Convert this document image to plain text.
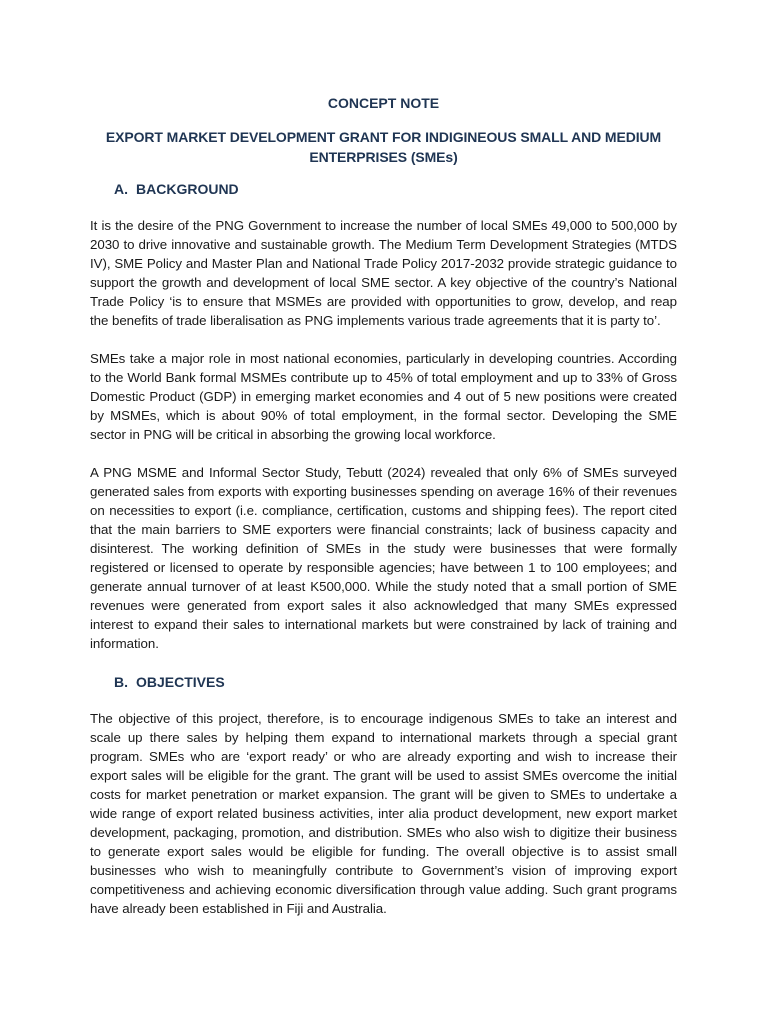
CONCEPT NOTE
EXPORT MARKET DEVELOPMENT GRANT FOR INDIGINEOUS SMALL AND MEDIUM ENTERPRISES (SMEs)
A. BACKGROUND

It is the desire of the PNG Government to increase the number of local SMEs 49,000 to 500,000 by 2030 to drive innovative and sustainable growth. The Medium Term Development Strategies (MTDS IV), SME Policy and Master Plan and National Trade Policy 2017-2032 provide strategic guidance to support the growth and development of local SME sector. A key objective of the country’s National Trade Policy ‘is to ensure that MSMEs are provided with opportunities to grow, develop, and reap the benefits of trade liberalisation as PNG implements various trade agreements that it is party to’.

SMEs take a major role in most national economies, particularly in developing countries. According to the World Bank formal MSMEs contribute up to 45% of total employment and up to 33% of Gross Domestic Product (GDP) in emerging market economies and 4 out of 5 new positions were created by MSMEs, which is about 90% of total employment, in the formal sector. Developing the SME sector in PNG will be critical in absorbing the growing local workforce.

A PNG MSME and Informal Sector Study, Tebutt (2024) revealed that only 6% of SMEs surveyed generated sales from exports with exporting businesses spending on average 16% of their revenues on necessities to export (i.e. compliance, certification, customs and shipping fees). The report cited that the main barriers to SME exporters were financial constraints; lack of business capacity and disinterest. The working definition of SMEs in the study were businesses that were formally registered or licensed to operate by responsible agencies; have between 1 to 100 employees; and generate annual turnover of at least K500,000. While the study noted that a small portion of SME revenues were generated from export sales it also acknowledged that many SMEs expressed interest to expand their sales to international markets but were constrained by lack of training and information.

B. OBJECTIVES

The objective of this project, therefore, is to encourage indigenous SMEs to take an interest and scale up there sales by helping them expand to international markets through a special grant program. SMEs who are ‘export ready’ or who are already exporting and wish to increase their export sales will be eligible for the grant. The grant will be used to assist SMEs overcome the initial costs for market penetration or market expansion. The grant will be given to SMEs to undertake a wide range of export related business activities, inter alia product development, new export market development, packaging, promotion, and distribution. SMEs who also wish to digitize their business to generate export sales would be eligible for funding. The overall objective is to assist small businesses who wish to meaningfully contribute to Government’s vision of improving export competitiveness and achieving economic diversification through value adding. Such grant programs have already been established in Fiji and Australia.
